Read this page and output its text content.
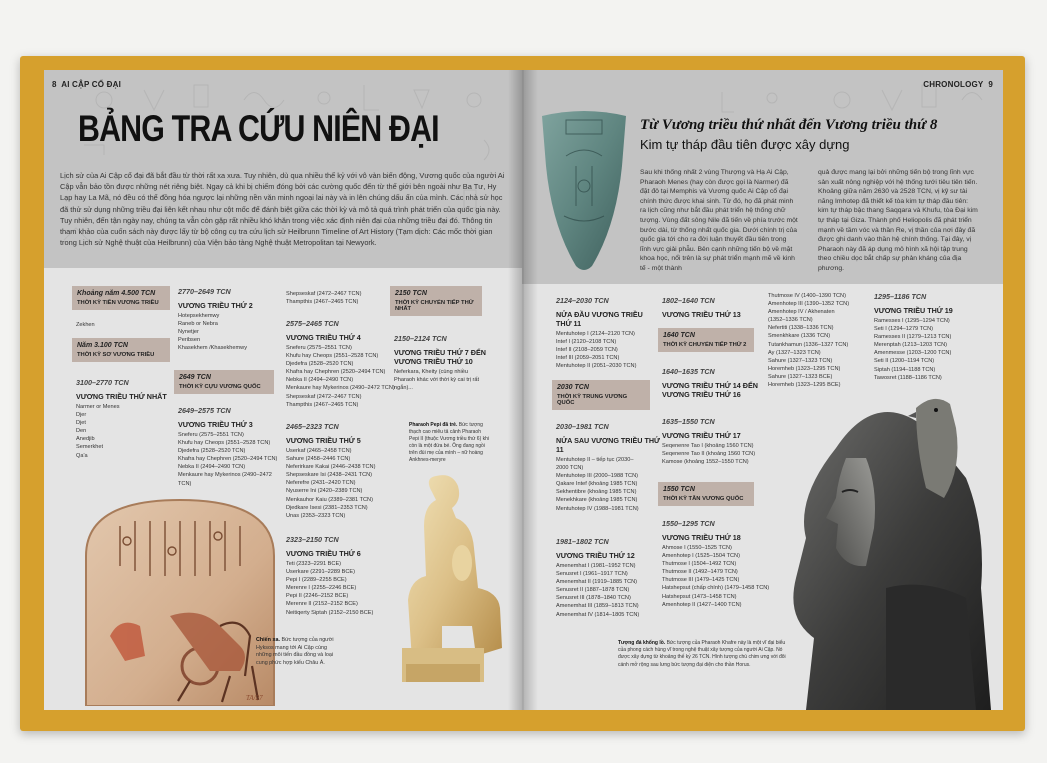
8 AI CẬP CỔ ĐẠI
BẢNG TRA CỨU NIÊN ĐẠI
Lịch sử của Ai Cập cổ đại đã bắt đầu từ thời rất xa xưa. Tuy nhiên, dù qua nhiều thế kỷ với vô vàn biến động, Vương quốc của người Ai Cập vẫn bảo tồn được những nét riêng biệt. Ngay cả khi bị chiếm đóng bởi các cường quốc đến từ thế giới bên ngoài như Ba Tư, Hy Lạp hay La Mã, nó đều có thể đồng hóa ngược lại những nền văn minh ngoại lai này và in lên chúng dấu ấn của mình. Các nhà sử học đã thử sử dụng những triều đại liên kết nhau như cột mốc để đánh biệt giữa các thời kỳ và mô tả quá trình phát triển của quốc gia này. Tuy nhiên, đến tận ngày nay, chúng ta vẫn còn gặp rất nhiều khó khăn trong việc xác định niên đại của những triều đại đó. Thông tin tham khảo của cuốn sách này được lấy từ bộ công cụ tra cứu lịch sử Heilbrunn Timeline of Art History (Tạm dịch: Các mốc thời gian trong Lịch sử Nghệ thuật của Heilbrunn) của Viện bảo tàng Nghệ thuật Metropolitan tại Newyork.
Khoảng năm 4.500 TCN
THỜI KỲ TIỀN VƯƠNG TRIỀU
Zekhen
Năm 3.100 TCN
THỜI KỲ SƠ VƯƠNG TRIỀU
3100–2770 TCN
VƯƠNG TRIỀU THỨ NHẤT
Narmer or Menes
Djer
Djet
Den
Anedjib
Semerkhet
Qa'a
2770–2649 TCN
VƯƠNG TRIỀU THỨ 2
Hotepsekhemwy
Raneb or Nebra
Nynetjer
Peribsen
Khasekhem /Khasekhemwy
2649 TCN
THỜI KỲ CỰU VƯƠNG QUỐC
2649–2575 TCN
VƯƠNG TRIỀU THỨ 3
Sneferu (2575–2551 TCN)
Khufu hay Cheops (2551–2528 TCN)
Djedefra (2528–2520 TCN)
Khafra hay Chephren (2520–2494 TCN)
Nebka II (2494–2490 TCN)
Menkaure hay Mykerinos (2490–2472
TCN)
Shepseskaf (2472–2467 TCN)
Thampthis (2467–2465 TCN)
2575–2465 TCN
VƯƠNG TRIỀU THỨ 4
Sneferu (2575–2551 TCN)
Khufu hay Cheops (2551–2528 TCN)
Djedefra (2528–2520 TCN)
Khafra hay Chephren (2520–2494 TCN)
Nebka II (2494–2490 TCN)
Menkaure hay Mykerinos (2490–2472 TCN)
Shepseskaf (2472–2467 TCN)
Thampthis (2467–2465 TCN)
2465–2323 TCN
VƯƠNG TRIỀU THỨ 5
Userkaf (2465–2458 TCN)
Sahure (2458–2446 TCN)
Neferirkare Kakai (2446–2438 TCN)
Shepseskare Isi (2438–2431 TCN)
Neferefre (2431–2420 TCN)
Nyuserre Ini (2420–2389 TCN)
Menkauhor Kaiu (2389–2381 TCN)
Djedkare Isesi (2381–2353 TCN)
Unas (2353–2323 TCN)
2323–2150 TCN
VƯƠNG TRIỀU THỨ 6
Teti (2323–2291 BCE)
Userkare (2291–2289 BCE)
Pepi I (2289–2255 BCE)
Merenre I (2255–2246 BCE)
Pepi II (2246–2152 BCE)
Merenre II (2152–2152 BCE)
Neitiqerty Siptah (2152–2150 BCE)
2150 TCN
THỜI KỲ CHUYỂN TIẾP THỨ NHẤT
2150–2124 TCN
VƯƠNG TRIỀU THỨ 7 ĐẾN VƯƠNG TRIỀU THỨ 10
Neferkara, Kheity (cùng nhiều Pharaoh khác với thời kỳ cai trị rất ngắn)...
Pharaoh Pepi đã trẻ. Bức tượng thạch cao miêu tả cảnh Pharaoh Pepi II (thuộc Vương triều thứ 6) khi còn là một đứa bé. Ông đang ngồi trên đùi mẹ của mình – nữ hoàng Ankhnes-meryre
TA/27
Chiến xa. Bức tượng của người Hyksos mang tới Ai Cập cùng những môi tiến đầu đồng và loại cung phức hợp kiểu Châu Á.
CHRONOLOGY 9
Từ Vương triều thứ nhất đến Vương triều thứ 8
Kim tự tháp đầu tiên được xây dựng
Sau khi thống nhất 2 vùng Thượng và Hạ Ai Cập, Pharaoh Menes (hay còn được gọi là Narmer) đã đặt đô tại Memphis và Vương quốc Ai Cập cổ đại chính thức được khai sinh. Từ đó, họ đã phát minh ra lịch cũng như bắt đầu phát triển hệ thống chữ tượng. Vùng đất sông Nile đã tiến về phía trước một bước dài, từ thống nhất quốc gia. Dưới chính trị của quốc gia tới cho ra đời luận thuyết đầu tiên trong lĩnh vực giải phẫu. Bên cạnh những tiến bộ về mặt khoa học, nổi trên là sự phát triển mạnh mẽ về kinh tế - một thành
quả được mang lại bởi những tiến bộ trong lĩnh vực sản xuất nông nghiệp với hệ thống tưới tiêu tiên tiến. Khoảng giữa năm 2630 và 2528 TCN, vị kỹ sư tài năng Imhotep đã thiết kế tòa kim tự tháp đầu tiên: kim tự tháp bậc thang Saqqara và Khufu, tòa Đại kim tự tháp tại Giza. Thành phố Heliopolis đã phát triển mạnh về tầm vóc và thần Re, vị thần của nơi đây đã được ghi danh vào thần hệ chính thống. Tại đây, vị Pharaoh này đã áp dụng mô hình xã hội tập trung theo chiều dọc bắt chấp sự phản kháng của địa phương.
2124–2030 TCN
NỬA ĐẦU VƯƠNG TRIỀU THỨ 11
Mentuhotep I (2124–2120 TCN)
Intef I (2120–2108 TCN)
Intef II (2108–2059 TCN)
Intef III (2059–2051 TCN)
Mentuhotep II (2051–2030 TCN)
2030 TCN
THỜI KỲ TRUNG VƯƠNG QUỐC
2030–1981 TCN
NỬA SAU VƯƠNG TRIỀU THỨ 11
Mentuhotep II – tiếp tục (2030–
2000 TCN)
Mentuhotep III (2000–1988 TCN)
Qakare Intef (khoảng 1985 TCN)
Sekhentibre (khoảng 1985 TCN)
Menekhkare (khoảng 1985 TCN)
Mentuhotep IV (1988–1981 TCN)
1981–1802 TCN
VƯƠNG TRIỀU THỨ 12
Amenemhat I (1981–1952 TCN)
Senusret I (1961–1917 TCN)
Amenemhat II (1919–1885 TCN)
Senusret II (1887–1878 TCN)
Senusret III (1878–1840 TCN)
Amenemhat III (1859–1813 TCN)
Amenemhat IV (1814–1805 TCN)
1802–1640 TCN
VƯƠNG TRIỀU THỨ 13
1640 TCN
THỜI KỲ CHUYỂN TIẾP THỨ 2
1640–1635 TCN
VƯƠNG TRIỀU THỨ 14 ĐẾN VƯƠNG TRIỀU THỨ 16
1635–1550 TCN
VƯƠNG TRIỀU THỨ 17
Seqenenre Tao I (khoảng 1560 TCN)
Seqenenre Tao II (khoảng 1560 TCN)
Kamose (khoảng 1552–1550 TCN)
1550 TCN
THỜI KỲ TÂN VƯƠNG QUỐC
1550–1295 TCN
VƯƠNG TRIỀU THỨ 18
Ahmose I (1550–1525 TCN)
Amenhotep I (1525–1504 TCN)
Thutmose I (1504–1492 TCN)
Thutmose II (1492–1479 TCN)
Thutmose III (1479–1425 TCN)
Hatshepsut (chấp chính) (1479–1458 TCN)
Hatshepsut (1473–1458 TCN)
Amenhotep II (1427–1400 TCN)
Thutmose IV (1400–1390 TCN)
Amenhotep III (1390–1352 TCN)
Amenhotep IV / Akhenaten
(1352–1336 TCN)
Nefertiti (1338–1336 TCN)
Smenkhkare (1336 TCN)
Tutankhamun (1336–1327 TCN)
Ay (1327–1323 TCN)
Sahure (1327–1323 TCN)
Horemheb (1323–1295 TCN)
Sahure (1327–1323 BCE)
Horemheb (1323–1295 BCE)
1295–1186 TCN
VƯƠNG TRIỀU THỨ 19
Ramesses I (1295–1294 TCN)
Seti I (1294–1279 TCN)
Ramesses II (1279–1213 TCN)
Merenptah (1213–1203 TCN)
Amenmesse (1203–1200 TCN)
Seti II (1200–1194 TCN)
Siptah (1194–1188 TCN)
Tawosret (1188–1186 TCN)
Tượng đá khổng lồ. Bức tượng của Pharaoh Khafre này là một vĩ đại biểu của phong cách hùng vĩ trong nghệ thuật xây tượng của người Ai Cập. Nó được xây dựng từ khoảng thế kỷ 26 TCN. Hình tượng chú chim ưng với đôi cánh mở rộng sau lưng bức tượng đại diện cho thần Horus.
